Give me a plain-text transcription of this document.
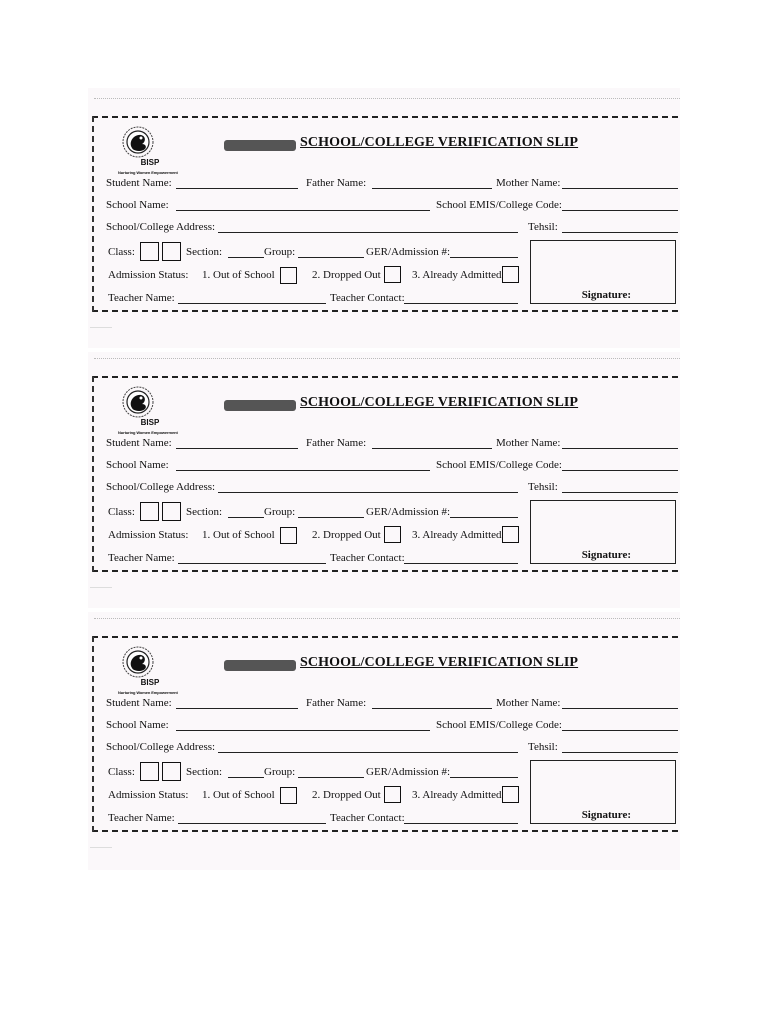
BISP
Nurturing Women Empowerment
SCHOOL/COLLEGE VERIFICATION SLIP
Student Name:	Father Name:	Mother Name:
School Name:	School EMIS/College Code:
School/College Address:	Tehsil:
Class:	Section:	Group:	GER/Admission #:
Admission Status: 1. Out of School	2. Dropped Out	3. Already Admitted
Teacher Name:	Teacher Contact:	Signature:
BISP
Nurturing Women Empowerment
SCHOOL/COLLEGE VERIFICATION SLIP
Student Name:	Father Name:	Mother Name:
School Name:	School EMIS/College Code:
School/College Address:	Tehsil:
Class:	Section:	Group:	GER/Admission #:
Admission Status: 1. Out of School	2. Dropped Out	3. Already Admitted
Teacher Name:	Teacher Contact:	Signature:
BISP
Nurturing Women Empowerment
SCHOOL/COLLEGE VERIFICATION SLIP
Student Name:	Father Name:	Mother Name:
School Name:	School EMIS/College Code:
School/College Address:	Tehsil:
Class:	Section:	Group:	GER/Admission #:
Admission Status: 1. Out of School	2. Dropped Out	3. Already Admitted
Teacher Name:	Teacher Contact:	Signature:
